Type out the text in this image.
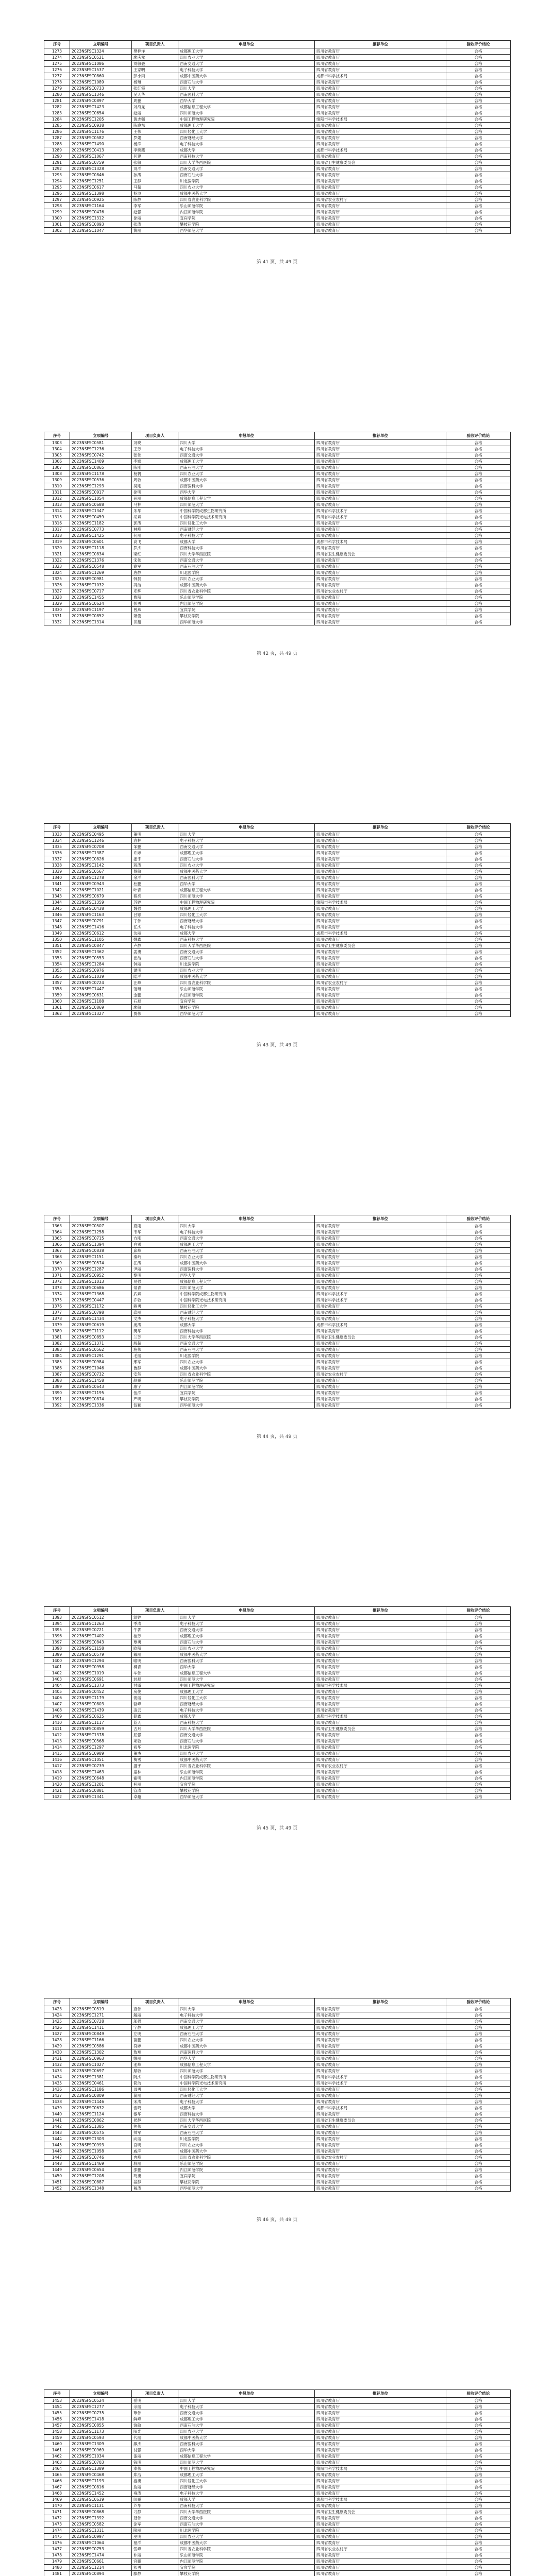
序号	立项编号	项目负责人	申报单位	推荐单位	验收评价结论
1273	2023NSFSC1324	樊梓洋	成都理工大学	四川省教育厅	合格
1274	2023NSFSC0521	廖庆龙	四川农业大学	四川省教育厅	合格
1275	2023NSFSC1086	刘敏毅	西南交通大学	四川省教育厅	合格
1276	2023NSFSC1537	王家明	电子科技大学	四川省教育厅	合格
1277	2023NSFSC0860	彭小雨	成都中医药大学	成都市科学技术局	合格
1278	2023NSFSC1089	杨琳	西南石油大学	四川省教育厅	合格
1279	2023NSFSC0733	张红霞	四川大学	四川省教育厅	合格
1280	2023NSFSC1346	吴天华	西南医科大学	四川省教育厅	合格
1281	2023NSFSC0897	周鹏	西华大学	四川省教育厅	合格
1282	2023NSFSC1423	刘海龙	成都信息工程大学	四川省教育厅	合格
1283	2023NSFSC0654	赵丽	四川师范大学	四川省教育厅	合格
1284	2023NSFSC1205	黄志强	中国工程物理研究院	绵阳市科学技术局	合格
1285	2023NSFSC0938	陈晓东	成都理工大学	四川省教育厅	合格
1286	2023NSFSC1176	王伟	四川轻化工大学	四川省教育厅	合格
1287	2023NSFSC0582	罗娟	西南财经大学	四川省教育厅	合格
1288	2023NSFSC1490	杨洋	电子科技大学	四川省教育厅	合格
1289	2023NSFSC0413	李晓燕	成都大学	成都市科学技术局	合格
1290	2023NSFSC1067	何建	西南科技大学	四川省教育厅	合格
1291	2023NSFSC0759	张敏	四川大学华西医院	四川省卫生健康委员会	合格
1292	2023NSFSC1328	刘洋	西南交通大学	四川省教育厅	合格
1293	2023NSFSC0846	孙涛	西南石油大学	四川省教育厅	合格
1294	2023NSFSC1251	王静	川北医学院	四川省教育厅	合格
1295	2023NSFSC0617	马超	四川农业大学	四川省教育厅	合格
1296	2023NSFSC1398	杨波	成都中医药大学	四川省教育厅	合格
1297	2023NSFSC0925	陈静	四川省农业科学院	四川省农业农村厅	合格
1298	2023NSFSC1164	李军	乐山师范学院	四川省教育厅	合格
1299	2023NSFSC0476	赵强	内江师范学院	四川省教育厅	合格
1300	2023NSFSC1312	徐丽	宜宾学院	四川省教育厅	合格
1301	2023NSFSC0893	张涛	攀枝花学院	四川省教育厅	合格
1302	2023NSFSC1047	黄丽	西华师范大学	四川省教育厅	合格
第 41 页，共 49 页
序号	立项编号	项目负责人	申报单位	推荐单位	验收评价结论
1303	2023NSFSC0581	刘晓	四川大学	四川省教育厅	合格
1304	2023NSFSC1236	王芳	电子科技大学	四川省教育厅	合格
1305	2023NSFSC0742	张伟	西南交通大学	四川省教育厅	合格
1306	2023NSFSC1409	李娜	成都理工大学	四川省教育厅	合格
1307	2023NSFSC0865	陈刚	西南石油大学	四川省教育厅	合格
1308	2023NSFSC1178	杨帆	四川农业大学	四川省教育厅	合格
1309	2023NSFSC0536	周敏	成都中医药大学	四川省教育厅	合格
1310	2023NSFSC1293	吴刚	西南医科大学	四川省教育厅	合格
1311	2023NSFSC0917	徐明	西华大学	四川省教育厅	合格
1312	2023NSFSC1054	孙丽	成都信息工程大学	四川省教育厅	合格
1313	2023NSFSC0688	马林	四川师范大学	四川省教育厅	合格
1314	2023NSFSC1347	朱华	中国科学院成都生物研究所	四川省科学技术厅	合格
1315	2023NSFSC0459	胡斌	中国科学院光电技术研究所	四川省科学技术厅	合格
1316	2023NSFSC1182	郭涛	四川轻化工大学	四川省教育厅	合格
1317	2023NSFSC0773	林峰	西南财经大学	四川省教育厅	合格
1318	2023NSFSC1425	何丽	电子科技大学	四川省教育厅	合格
1319	2023NSFSC0601	高飞	成都大学	成都市科学技术局	合格
1320	2023NSFSC1118	罗杰	西南科技大学	四川省教育厅	合格
1321	2023NSFSC0834	梁红	四川大学华西医院	四川省卫生健康委员会	合格
1322	2023NSFSC1376	宋伟	西南交通大学	四川省教育厅	合格
1323	2023NSFSC0548	谢军	西南石油大学	四川省教育厅	合格
1324	2023NSFSC1269	唐静	川北医学院	四川省教育厅	合格
1325	2023NSFSC0981	韩磊	四川农业大学	四川省教育厅	合格
1326	2023NSFSC1032	冯洁	成都中医药大学	四川省教育厅	合格
1327	2023NSFSC0717	邓辉	四川省农业科学院	四川省农业农村厅	合格
1328	2023NSFSC1455	曹阳	乐山师范学院	四川省教育厅	合格
1329	2023NSFSC0624	彭勇	内江师范学院	四川省教育厅	合格
1330	2023NSFSC1197	曾燕	宜宾学院	四川省教育厅	合格
1331	2023NSFSC0852	萧俊	攀枝花学院	四川省教育厅	合格
1332	2023NSFSC1314	田甜	西华师范大学	四川省教育厅	合格
第 42 页，共 49 页
序号	立项编号	项目负责人	申报单位	推荐单位	验收评价结论
1333	2023NSFSC0495	董明	四川大学	四川省教育厅	合格
1334	2023NSFSC1246	袁林	电子科技大学	四川省教育厅	合格
1335	2023NSFSC0708	邹鹏	西南交通大学	四川省教育厅	合格
1336	2023NSFSC1387	许婷	成都理工大学	四川省教育厅	合格
1337	2023NSFSC0826	潘宇	西南石油大学	四川省教育厅	合格
1338	2023NSFSC1142	蒋涛	四川农业大学	四川省教育厅	合格
1339	2023NSFSC0567	蔡敏	成都中医药大学	四川省教育厅	合格
1340	2023NSFSC1278	余洋	西南医科大学	四川省教育厅	合格
1341	2023NSFSC0943	杜鹏	西华大学	四川省教育厅	合格
1342	2023NSFSC1021	叶青	成都信息工程大学	四川省教育厅	合格
1343	2023NSFSC0679	程亮	四川师范大学	四川省教育厅	合格
1344	2023NSFSC1359	苏婷	中国工程物理研究院	绵阳市科学技术局	合格
1345	2023NSFSC0438	魏强	成都理工大学	四川省教育厅	合格
1346	2023NSFSC1163	吕娜	四川轻化工大学	四川省教育厅	合格
1347	2023NSFSC0791	丁伟	西南财经大学	四川省教育厅	合格
1348	2023NSFSC1416	任杰	电子科技大学	四川省教育厅	合格
1349	2023NSFSC0612	沈丽	成都大学	成都市科学技术局	合格
1350	2023NSFSC1105	姚鑫	西南科技大学	四川省教育厅	合格
1351	2023NSFSC0847	卢静	四川大学华西医院	四川省卫生健康委员会	合格
1352	2023NSFSC1362	姜勇	西南交通大学	四川省教育厅	合格
1353	2023NSFSC0553	崔浩	西南石油大学	四川省教育厅	合格
1354	2023NSFSC1284	钟丽	川北医学院	四川省教育厅	合格
1355	2023NSFSC0976	谭明	四川农业大学	四川省教育厅	合格
1356	2023NSFSC1039	陆洋	成都中医药大学	四川省教育厅	合格
1357	2023NSFSC0724	汪峰	四川省农业科学院	四川省农业农村厅	合格
1358	2023NSFSC1447	范琳	乐山师范学院	四川省教育厅	合格
1359	2023NSFSC0631	金鹏	内江师范学院	四川省教育厅	合格
1360	2023NSFSC1188	石磊	宜宾学院	四川省教育厅	合格
1361	2023NSFSC0869	廖敏	攀枝花学院	四川省教育厅	合格
1362	2023NSFSC1327	贾伟	西华师范大学	四川省教育厅	合格
第 43 页，共 49 页
序号	立项编号	项目负责人	申报单位	推荐单位	验收评价结论
1363	2023NSFSC0507	夏雨	四川大学	四川省教育厅	合格
1364	2023NSFSC1258	韦华	电子科技大学	四川省教育厅	合格
1365	2023NSFSC0715	方刚	西南交通大学	四川省教育厅	合格
1366	2023NSFSC1394	白雪	成都理工大学	四川省教育厅	合格
1367	2023NSFSC0838	邱峰	西南石油大学	四川省教育厅	合格
1368	2023NSFSC1151	秦岭	四川农业大学	四川省教育厅	合格
1369	2023NSFSC0574	江涛	成都中医药大学	四川省教育厅	合格
1370	2023NSFSC1287	尹丽	西南医科大学	四川省教育厅	合格
1371	2023NSFSC0952	黎明	西华大学	四川省教育厅	合格
1372	2023NSFSC1013	易强	成都信息工程大学	四川省教育厅	合格
1373	2023NSFSC0686	常青	四川师范大学	四川省教育厅	合格
1374	2023NSFSC1368	武斌	中国科学院成都生物研究所	四川省科学技术厅	合格
1375	2023NSFSC0447	乔敏	中国科学院光电技术研究所	四川省科学技术厅	合格
1376	2023NSFSC1172	赖勇	四川轻化工大学	四川省教育厅	合格
1377	2023NSFSC0798	龚丽	西南财经大学	四川省教育厅	合格
1378	2023NSFSC1434	文杰	电子科技大学	四川省教育厅	合格
1379	2023NSFSC0619	庞涛	成都大学	成都市科学技术局	合格
1380	2023NSFSC1112	樊华	西南科技大学	四川省教育厅	合格
1381	2023NSFSC0853	兰芳	四川大学华西医院	四川省卫生健康委员会	合格
1382	2023NSFSC1371	殷超	西南交通大学	四川省教育厅	合格
1383	2023NSFSC0562	施伟	西南石油大学	四川省教育厅	合格
1384	2023NSFSC1291	毛丽	川北医学院	四川省教育厅	合格
1385	2023NSFSC0984	邢军	四川农业大学	四川省教育厅	合格
1386	2023NSFSC1046	鲁静	成都中医药大学	四川省教育厅	合格
1387	2023NSFSC0732	安然	四川省农业科学院	四川省农业农村厅	合格
1388	2023NSFSC1458	颜鹏	乐山师范学院	四川省教育厅	合格
1389	2023NSFSC0643	康宁	内江师范学院	四川省教育厅	合格
1390	2023NSFSC1195	伍洋	宜宾学院	四川省教育厅	合格
1391	2023NSFSC0874	严明	攀枝花学院	四川省教育厅	合格
1392	2023NSFSC1336	包颖	西华师范大学	四川省教育厅	合格
第 44 页，共 49 页
序号	立项编号	项目负责人	申报单位	推荐单位	验收评价结论
1393	2023NSFSC0512	温婷	四川大学	四川省教育厅	合格
1394	2023NSFSC1263	季涛	电子科技大学	四川省教育厅	合格
1395	2023NSFSC0721	牛犇	西南交通大学	四川省教育厅	合格
1396	2023NSFSC1402	桂芳	成都理工大学	四川省教育厅	合格
1397	2023NSFSC0843	覃勇	西南石油大学	四川省教育厅	合格
1398	2023NSFSC1158	欧阳	四川农业大学	四川省教育厅	合格
1399	2023NSFSC0579	戴丽	成都中医药大学	四川省教育厅	合格
1400	2023NSFSC1294	喻明	西南医科大学	四川省教育厅	合格
1401	2023NSFSC0958	柳青	西华大学	四川省教育厅	合格
1402	2023NSFSC1019	车伟	成都信息工程大学	四川省教育厅	合格
1403	2023NSFSC0691	封磊	四川师范大学	四川省教育厅	合格
1404	2023NSFSC1373	甘露	中国工程物理研究院	绵阳市科学技术局	合格
1405	2023NSFSC0452	房俊	成都理工大学	四川省教育厅	合格
1406	2023NSFSC1179	裴丽	四川轻化工大学	四川省教育厅	合格
1407	2023NSFSC0803	骆峰	西南财经大学	四川省教育厅	合格
1408	2023NSFSC1439	凌云	电子科技大学	四川省教育厅	合格
1409	2023NSFSC0625	储鑫	成都大学	成都市科学技术局	合格
1410	2023NSFSC1117	蓝天	西南科技大学	四川省教育厅	合格
1411	2023NSFSC0859	古月	四川大学华西医院	四川省卫生健康委员会	合格
1412	2023NSFSC1378	屈强	西南交通大学	四川省教育厅	合格
1413	2023NSFSC0568	项敏	西南石油大学	四川省教育厅	合格
1414	2023NSFSC1297	祝华	川北医学院	四川省教育厅	合格
1415	2023NSFSC0989	董杰	四川农业大学	四川省教育厅	合格
1416	2023NSFSC1051	梅雪	成都中医药大学	四川省教育厅	合格
1417	2023NSFSC0739	盛宇	四川省农业科学院	四川省农业农村厅	合格
1418	2023NSFSC1463	童林	乐山师范学院	四川省教育厅	合格
1419	2023NSFSC0648	霍明	内江师范学院	四川省教育厅	合格
1420	2023NSFSC1201	柯丽	宜宾学院	四川省教育厅	合格
1421	2023NSFSC0881	管涛	攀枝花学院	四川省教育厅	合格
1422	2023NSFSC1341	卓越	西华师范大学	四川省教育厅	合格
第 45 页，共 49 页
序号	立项编号	项目负责人	申报单位	推荐单位	验收评价结论
1423	2023NSFSC0519	查伟	四川大学	四川省教育厅	合格
1424	2023NSFSC1271	解丽	电子科技大学	四川省教育厅	合格
1425	2023NSFSC0728	邬强	西南交通大学	四川省教育厅	合格
1426	2023NSFSC1411	宁静	成都理工大学	四川省教育厅	合格
1427	2023NSFSC0849	左明	西南石油大学	四川省教育厅	合格
1428	2023NSFSC1166	苗鹏	四川农业大学	四川省教育厅	合格
1429	2023NSFSC0586	符婷	成都中医药大学	四川省教育厅	合格
1430	2023NSFSC1302	敖翔	西南医科大学	四川省教育厅	合格
1431	2023NSFSC0963	缪丽	西华大学	四川省教育厅	合格
1432	2023NSFSC1027	池峰	成都信息工程大学	四川省教育厅	合格
1433	2023NSFSC0697	鄢敏	四川师范大学	四川省教育厅	合格
1434	2023NSFSC1381	阮杰	中国科学院成都生物研究所	四川省科学技术厅	合格
1435	2023NSFSC0461	简洁	中国科学院光电技术研究所	四川省科学技术厅	合格
1436	2023NSFSC1186	母勇	四川轻化工大学	四川省教育厅	合格
1437	2023NSFSC0809	蒲丽	西南财经大学	四川省教育厅	合格
1438	2023NSFSC1446	宋涛	电子科技大学	四川省教育厅	合格
1439	2023NSFSC0632	雷鸣	成都大学	成都市科学技术局	合格
1440	2023NSFSC1124	黎华	西南科技大学	四川省教育厅	合格
1441	2023NSFSC0862	侯静	四川大学华西医院	四川省卫生健康委员会	合格
1442	2023NSFSC1385	熊伟	西南交通大学	四川省教育厅	合格
1443	2023NSFSC0575	帅军	西南石油大学	四川省教育厅	合格
1444	2023NSFSC1303	向丽	川北医学院	四川省教育厅	合格
1445	2023NSFSC0993	官明	四川农业大学	四川省教育厅	合格
1446	2023NSFSC1058	戚洋	成都中医药大学	四川省教育厅	合格
1447	2023NSFSC0746	冉峰	四川省农业科学院	四川省农业农村厅	合格
1448	2023NSFSC1469	段丽	乐山师范学院	四川省教育厅	合格
1449	2023NSFSC0654	邵鹏	内江师范学院	四川省教育厅	合格
1450	2023NSFSC1208	苟勇	宜宾学院	四川省教育厅	合格
1451	2023NSFSC0887	晏静	攀枝花学院	四川省教育厅	合格
1452	2023NSFSC1348	税涛	西华师范大学	四川省教育厅	合格
第 46 页，共 49 页
序号	立项编号	项目负责人	申报单位	推荐单位	验收评价结论
1453	2023NSFSC0524	岳明	四川大学	四川省教育厅	合格
1454	2023NSFSC1277	佘丽	电子科技大学	四川省教育厅	合格
1455	2023NSFSC0735	覃伟	西南交通大学	四川省教育厅	合格
1456	2023NSFSC1418	鲜峰	成都理工大学	四川省教育厅	合格
1457	2023NSFSC0855	饶敏	西南石油大学	四川省教育厅	合格
1458	2023NSFSC1173	阳光	四川农业大学	四川省教育厅	合格
1459	2023NSFSC0593	代丽	成都中医药大学	四川省教育厅	合格
1460	2023NSFSC1309	廖杰	西南医科大学	四川省教育厅	合格
1461	2023NSFSC0969	付强	西华大学	四川省教育厅	合格
1462	2023NSFSC1034	漆丽	成都信息工程大学	四川省教育厅	合格
1463	2023NSFSC0703	钱明	四川师范大学	四川省教育厅	合格
1464	2023NSFSC1389	幸伟	中国工程物理研究院	绵阳市科学技术局	合格
1465	2023NSFSC0468	郑洁	成都理工大学	四川省教育厅	合格
1466	2023NSFSC1193	游勇	四川轻化工大学	四川省教育厅	合格
1467	2023NSFSC0816	詹丽	西南财经大学	四川省教育厅	合格
1468	2023NSFSC1452	雍涛	电子科技大学	四川省教育厅	合格
1469	2023NSFSC0639	闫鹏	成都大学	成都市科学技术局	合格
1470	2023NSFSC1131	芦华	西南科技大学	四川省教育厅	合格
1471	2023NSFSC0868	刁静	四川大学华西医院	四川省卫生健康委员会	合格
1472	2023NSFSC1392	聂伟	西南交通大学	四川省教育厅	合格
1473	2023NSFSC0582	涂军	西南石油大学	四川省教育厅	合格
1474	2023NSFSC1311	隆丽	川北医学院	四川省教育厅	合格
1475	2023NSFSC0997	巫明	四川农业大学	四川省教育厅	合格
1476	2023NSFSC1064	褚洋	成都中医药大学	四川省教育厅	合格
1477	2023NSFSC0753	訾峰	四川省农业科学院	四川省农业农村厅	合格
1478	2023NSFSC1474	仲丽	乐山师范学院	四川省教育厅	合格
1479	2023NSFSC0661	宫鹏	内江师范学院	四川省教育厅	合格
1480	2023NSFSC1214	祁勇	宜宾学院	四川省教育厅	合格
1481	2023NSFSC0894	滕静	攀枝花学院	四川省教育厅	合格
